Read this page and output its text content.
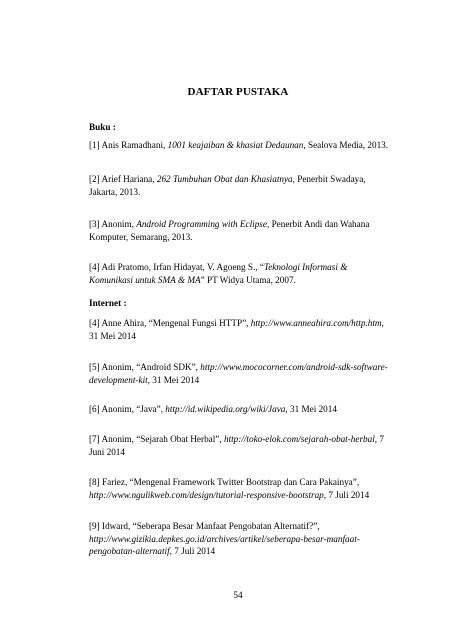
DAFTAR PUSTAKA
Buku :
[1] Anis Ramadhani, 1001 keajaiban & khasiat Dedaunan, Sealova Media, 2013.
[2] Arief Hariana, 262 Tumbuhan Obat dan Khasiatnya, Penerbit Swadaya, Jakarta, 2013.
[3] Anonim, Android Programming with Eclipse, Penerbit Andi dan Wahana Komputer, Semarang, 2013.
[4] Adi Pratomo, Irfan Hidayat, V. Agoeng S., “Teknologi Informasi & Komunikasi untuk SMA & MA” PT Widya Utama, 2007.
Internet :
[4] Anne Ahira, “Mengenal Fungsi HTTP”, http://www.anneahira.com/http.htm, 31 Mei 2014
[5] Anonim, “Android SDK”, http://www.mococorner.com/android-sdk-software-development-kit, 31 Mei 2014
[6] Anonim, “Java”, http://id.wikipedia.org/wiki/Java, 31 Mei 2014
[7] Anonim, “Sejarah Obat Herbal”, http://toko-elok.com/sejarah-obat-herbal, 7 Juni 2014
[8] Fariez, “Mengenal Framework Twitter Bootstrap dan Cara Pakainya”, http://www.ngulikweb.com/design/tutorial-responsive-bootstrap, 7 Juli 2014
[9] Idward, “Seberapa Besar Manfaat Pengobatan Alternatif?”, http://www.gizikia.depkes.go.id/archives/artikel/seberapa-besar-manfaat-pengobatan-alternatif, 7 Juli 2014
54
